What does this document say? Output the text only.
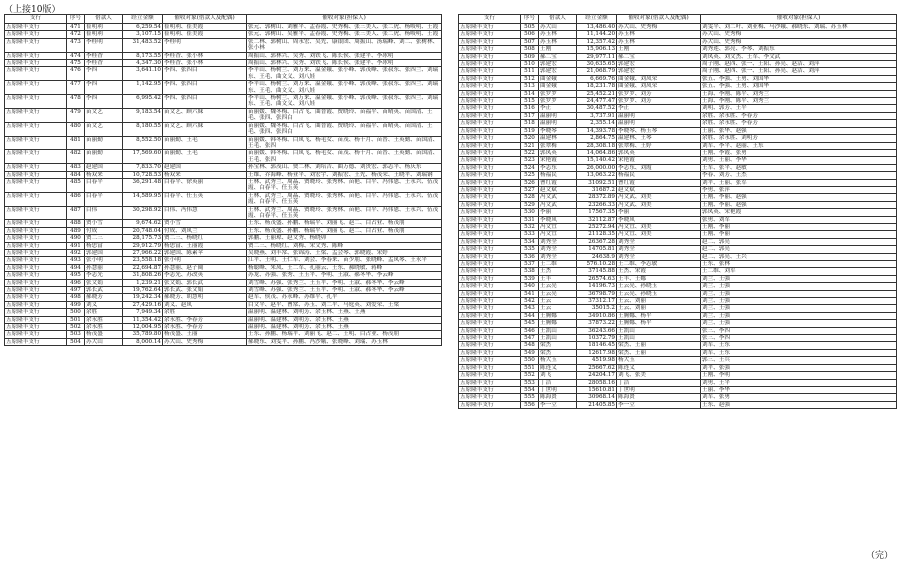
（上接10版）
支行	序号	借款人	经立金额	催收对象(借款人及配偶)	催收对象(担保人)
五原隆丰支行	471	崔明利	6,259.54	崔明利、崔美霞	张元、郭树山、刘雅平、孟春霞、史秀梅、张三美人、张二虎、杨岐明、王霞
五原隆丰支行	472	崔明利	3,107.15	崔明利、崔美霞	张元、郭树山、吴雅平、孟春霞、史秀梅、张三美人、张二虎、杨岐明、王霞
五原隆丰支行	473	李桂明	31,483.52	李桂明	张二林、郭树山、周永宏、吴先、康银团、周振山、汤瑞峰、刘二、张树林、张小林
五原隆丰支行	474	李桂香	8,173.55	李桂香、张小林	周振山、郭林兴、吴秀、刘铁飞、陈长侯、张建平、李冰明
五原隆丰支行	475	李桂香	4,347.30	李桂香、张小林	周振山、郭林兴、吴秀、刘铁飞、陈长侯、张建平、李冰明
五原隆丰支行	476	李四	3,641.10	李四、张四白	李平山、杨树兰、刘万来、温金娥、张小峰、郭茂峰、张叔东、张四兰、刘瑞东、王毛、曲文义、刘八娃
五原隆丰支行	477	李四	1,142.95	李四、张四白	李平山、杨树兰、刘万来、温金娥、张小峰、郭茂峰、张叔东、张四兰、刘瑞东、王毛、曲文义、刘八娃
五原隆丰支行	478	李四	6,995.42	李四、张四白	李平山、杨树兰、刘万来、温金娥、张小峰、郭茂峰、张叔东、张四兰、刘瑞东、王毛、曲文义、刘八娃
五原隆丰支行	479	苗文艺	9,183.54	苗文艺、顾六妹	苗丽媛、魏冬梅、白占飞、曲晋霞、贾晓玲、苗福平、苗晴英、苗国清、王毛、张四、张四白
五原隆丰支行	480	苗文艺	8,180.55	苗文艺、顾六妹	苗丽媛、魏冬梅、白占飞、曲晋霞、贾晓玲、苗福平、苗晴英、苗国清、王毛、张四、张四白
五原隆丰支行	481	苗丽勤	8,552.50	苗丽勤、王毛	苗丽媛、韩冬梅、白凤飞、杨毛女、苗茂、杨十月、苗普、王英勤、苗国清、王毛、张四
五原隆丰支行	482	苗丽勤	17,569.60	苗丽勤、王毛	苗丽媛、韩冬梅、白凤飞、杨毛女、苗茂、杨十月、苗普、王英勤、苗国清、王毛、张四
五原隆丰支行	483	赵建国	7,833.70	赵建国	孙宝林、郭茂山、贾二林、刘培吉、曲万德、刘贵宏、郭志平、杨庆东
五原隆丰支行	484	杨双来	10,728.53	杨双来	王维、乔海峰、杨亚平、刘宏宇、刘振宏、王先、杨茂荣、王晓平、刘瑞钢
五原隆丰支行	485	白春平	36,291.48	白春平、徐英丽	王林、武秀兰、周晶、贾晓玲、张秀林、苗艳、白平、冯伟恩、王永兴、伍茂霞、白春平、任玉英
五原隆丰支行	486	白春平	14,589.95	白春平、任玉英	王林、武秀兰、周晶、贾晓玲、张秀林、苗艳、白平、冯伟恩、王永兴、伍茂霞、白春平、任玉英
五原隆丰支行	487	白伟	30,298.92	白伟、冯伟慧	王林、武秀兰、周晶、贾晓玲、张秀林、苗艳、白平、冯伟恩、王永兴、伍茂霞、白春平、任玉英
五原隆丰支行	488	贾小雪	9,674.62	贾小雪	王东、杨茂盛、孙鹏、杨瑞平、刘丽飞、赵二、白占业、杨茂朋
五原隆丰支行	489	付成	20,748.04	付成、刘凤兰	王东、杨茂盛、孙鹏、杨瑞平、刘丽飞、赵二、白占业、杨茂朋
五原隆丰支行	490	贾二三	28,175.73	贾二三、杨晓红	郭鹏、王丽琼、赵文秀、杨晓卯
五原隆丰支行	491	杨思富	29,912.79	杨思富、王丽霞	贾二三、杨晓红、刘梅、宋文秀、陈峰
五原隆丰支行	492	郭建国	27,966.22	郭建国、陈素苹	吴晓燕、刘丰常、张锦涛、王梁、孟会琴、郭晓霞、宋婷
五原隆丰支行	493	张小明	23,558.18	张小明	江平、王明、王仁军、刘会、李春来、苗少朋、张晓峰、孟凤琴、王永平
五原隆丰支行	494	孙慧丽	22,694.87	孙慧丽、赵子阔	杨聪峰、朱凤、王二军、孔丽云、王东、郝晓敏、蒋峰
五原隆丰支行	495	李志光	31,808.26	李志光、苏改英	苏龙、苏强、张秀、王玉平、李明、王淑、郝冬华、李云峰
五原隆丰支行	496	张文娟	1,239.21	张文娟、郭长武	刘雪峰、苏强、张秀兰、王玉平、李明、王淑、郝冬华、李云峰
五原隆丰支行	497	郭长武	19,762.64	郭长武、张文娟	刘雪峰、苏强、张秀兰、王玉平、李明、王淑、郝冬华、李云峰
五原隆丰支行	498	郝晓芳	19,242.34	郝晓芳、胡慧明	赵军、侯茂、苏永峰、苏维平、孔平
五原隆丰支行	499	刘义	27,429.16	刘义、赵凤	白文平、赵平、曹常、苏玉、刘二平、马庭英、刘爱荣、王梁
五原隆丰支行	500	余胜	7,949.34	余胜	温丽明、温建林、刘明芳、余玉林、王燕、王燕
五原隆丰支行	501	余永胜	11,354.42	余永胜、李春芳	温丽明、温建林、刘明芳、余玉林、王燕
五原隆丰支行	502	余永胜	12,004.95	余永胜、李春芳	温丽明、温建林、刘明芳、余玉林、王燕
五原隆丰支行	503	杨茂盛	35,789.80	杨茂盛、王丽	王东、孙鹏、杨瑞平、刘丽飞、赵二、王明、白占业、杨茂朋
五原隆丰支行	504	苏大山	8,000.14	苏大山、史秀梅	郝晓东、刘雯平、孙鹏、冯沙娥、张晓峰、刘瑞、苏玉林
支行	序号	借款人	经立金额	催收对象(借款人及配偶)	催收对象(担保人)
五原隆丰支行	505	苏大山	13,486.40	苏大山、史秀梅	刘雯平、刘二叶、刘亚梅、马沙娥、郝晓东、刘瑞、苏玉林
五原隆丰支行	506	苏玉林	11,144.20	苏玉林	苏大山、史秀梅
五原隆丰支行	507	苏玉林	12,357.42	苏玉林	苏大山、史秀梅
五原隆丰支行	508	王刚	15,906.13	王刚	刘秀莲、郭亮、李琴、刘振东
五原隆丰支行	509	郝二宝	29,977.11	郝二宝	刘凤英、刘文杰、王军、李文武
五原隆丰支行	510	郭建宏	30,635.65	郭建宏	周子刚、赵四、张一、王阳、孙亮、赵洁、刘萍
五原隆丰支行	511	郭建宏	21,068.79	郭建宏	周子刚、赵四、张一、王阳、孙亮、赵洁、刘萍
五原隆丰支行	512	曲金娥	6,669.76	曲金娥、刘凤荣	张五、李强、王勇、刘国华
五原隆丰支行	513	曲金娥	18,231.78	曲金娥、刘凤荣	张五、李强、王勇、刘国华
五原隆丰支行	514	张罗罗	25,452.21	张罗罗、刘芳	王海、李刚、陈平、刘秀兰
五原隆丰支行	515	张罗罗	24,477.47	张罗罗、刘芳	王海、李刚、陈平、刘秀兰
五原隆丰支行	516	李正	30,487.52	李正	刘明、郭芳、王平
五原隆丰支行	517	温丽明	3,737.91	温丽明	余胜、余永胜、李春芳
五原隆丰支行	518	温丽明	2,355.14	温丽明	余胜、余永胜、李春芳
五原隆丰支行	519	李晓琴	14,393.78	李晓琴、杨玉琴	王丽、张华、赵强
五原隆丰支行	520	温建林	2,864.75	温建林、王琴	余胜、余永胜、刘明芳
五原隆丰支行	521	张翠梅	28,308.18	张翠梅、王婷	刘军、李平、赵丽、王东
五原隆丰支行	522	郭凤英	14,064.86	郭凤英	王刚、李霞、张勇
五原隆丰支行	523	宋艳霞	15,140.42	宋艳霞	刘勇、王丽、李华
五原隆丰支行	524	李志东	26,000.00	李志东、刘霞	王军、张平、赵敏
五原隆丰支行	525	杨福民	13,063.22	杨福民	李春、刘芳、王杰
五原隆丰支行	526	曹红霞	31092.51	曹红霞	刘平、王丽、张军
五原隆丰支行	527	赵文斌	31687.2	赵文斌	李勇、张萍
五原隆丰支行	528	冯文武	28372.89	冯文武、刘美	王刚、李丽、赵强
五原隆丰支行	529	冯文武	23266.33	冯文武、刘美	王刚、李丽、赵强
五原隆丰支行	530	李丽	17567.35	李丽	郭凤英、宋艳霞
五原隆丰支行	531	李晓凤	32112.87	李晓凤	张勇、刘军
五原隆丰支行	532	冯文宜	25272.94	冯文宜、刘美	王刚、李丽
五原隆丰支行	533	冯文宜	21128.35	冯文宜、刘美	王刚、李丽
五原隆丰支行	534	刘秀全	26367.28	刘秀全	赵二、郭亮
五原隆丰支行	535	刘秀全	14705.81	刘秀全	赵二、郭亮
五原隆丰支行	536	刘秀全	24638.9	刘秀全	赵二、郭亮、王兴
五原隆丰支行	537	王二维	576.10.28	王二维、李志敏	王东、张林
五原隆丰支行	538	王杰	37145.88	王杰、宋霞	王二维、刘军
五原隆丰支行	539	王丰	26574.63	王丰、王娜	刘兰、王强
五原隆丰支行	540	王云亮	14196.73	王云亮、孙晓玉	刘兰、王强
五原隆丰支行	541	王云亮	36798.79	王云亮、孙晓玉	刘兰、王强
五原隆丰支行	542	王云	37312.17	王云、刘丽	刘兰、王强
五原隆丰支行	543	王云	35015.2	王云、刘丽	刘兰、王强
五原隆丰支行	544	王腾娜	34910.86	王腾娜、杨平	刘兰、王强
五原隆丰支行	545	王腾娜	37873.22	王腾娜、杨平	刘兰、王强
五原隆丰支行	546	王凯山	36243.66	王凯山	张三、李四
五原隆丰支行	547	王凯山	10372.79	王凯山	张三、李四
五原隆丰支行	548	梁杰	18146.45	梁杰、王丽	刘军、王东
五原隆丰支行	549	梁杰	12617.98	梁杰、王丽	刘军、王东
五原隆丰支行	550	杨大玉	4519.98	杨大玉	郭三、王兵
五原隆丰支行	551	陈连义	25667.62	陈连义	刘平、张强
五原隆丰支行	552	刘飞	24204.17	刘飞、张美	王刚、李明
五原隆丰支行	553	丁洁	28058.16	丁洁	刘勇、王平
五原隆丰支行	554	丁世明	15610.81	丁世明	王丽、李华
五原隆丰支行	555	陈海贤	30968.14	陈海贤	刘军、张勇
五原隆丰支行	556	李一立	21405.85	李一立	王东、赵强
（完）
